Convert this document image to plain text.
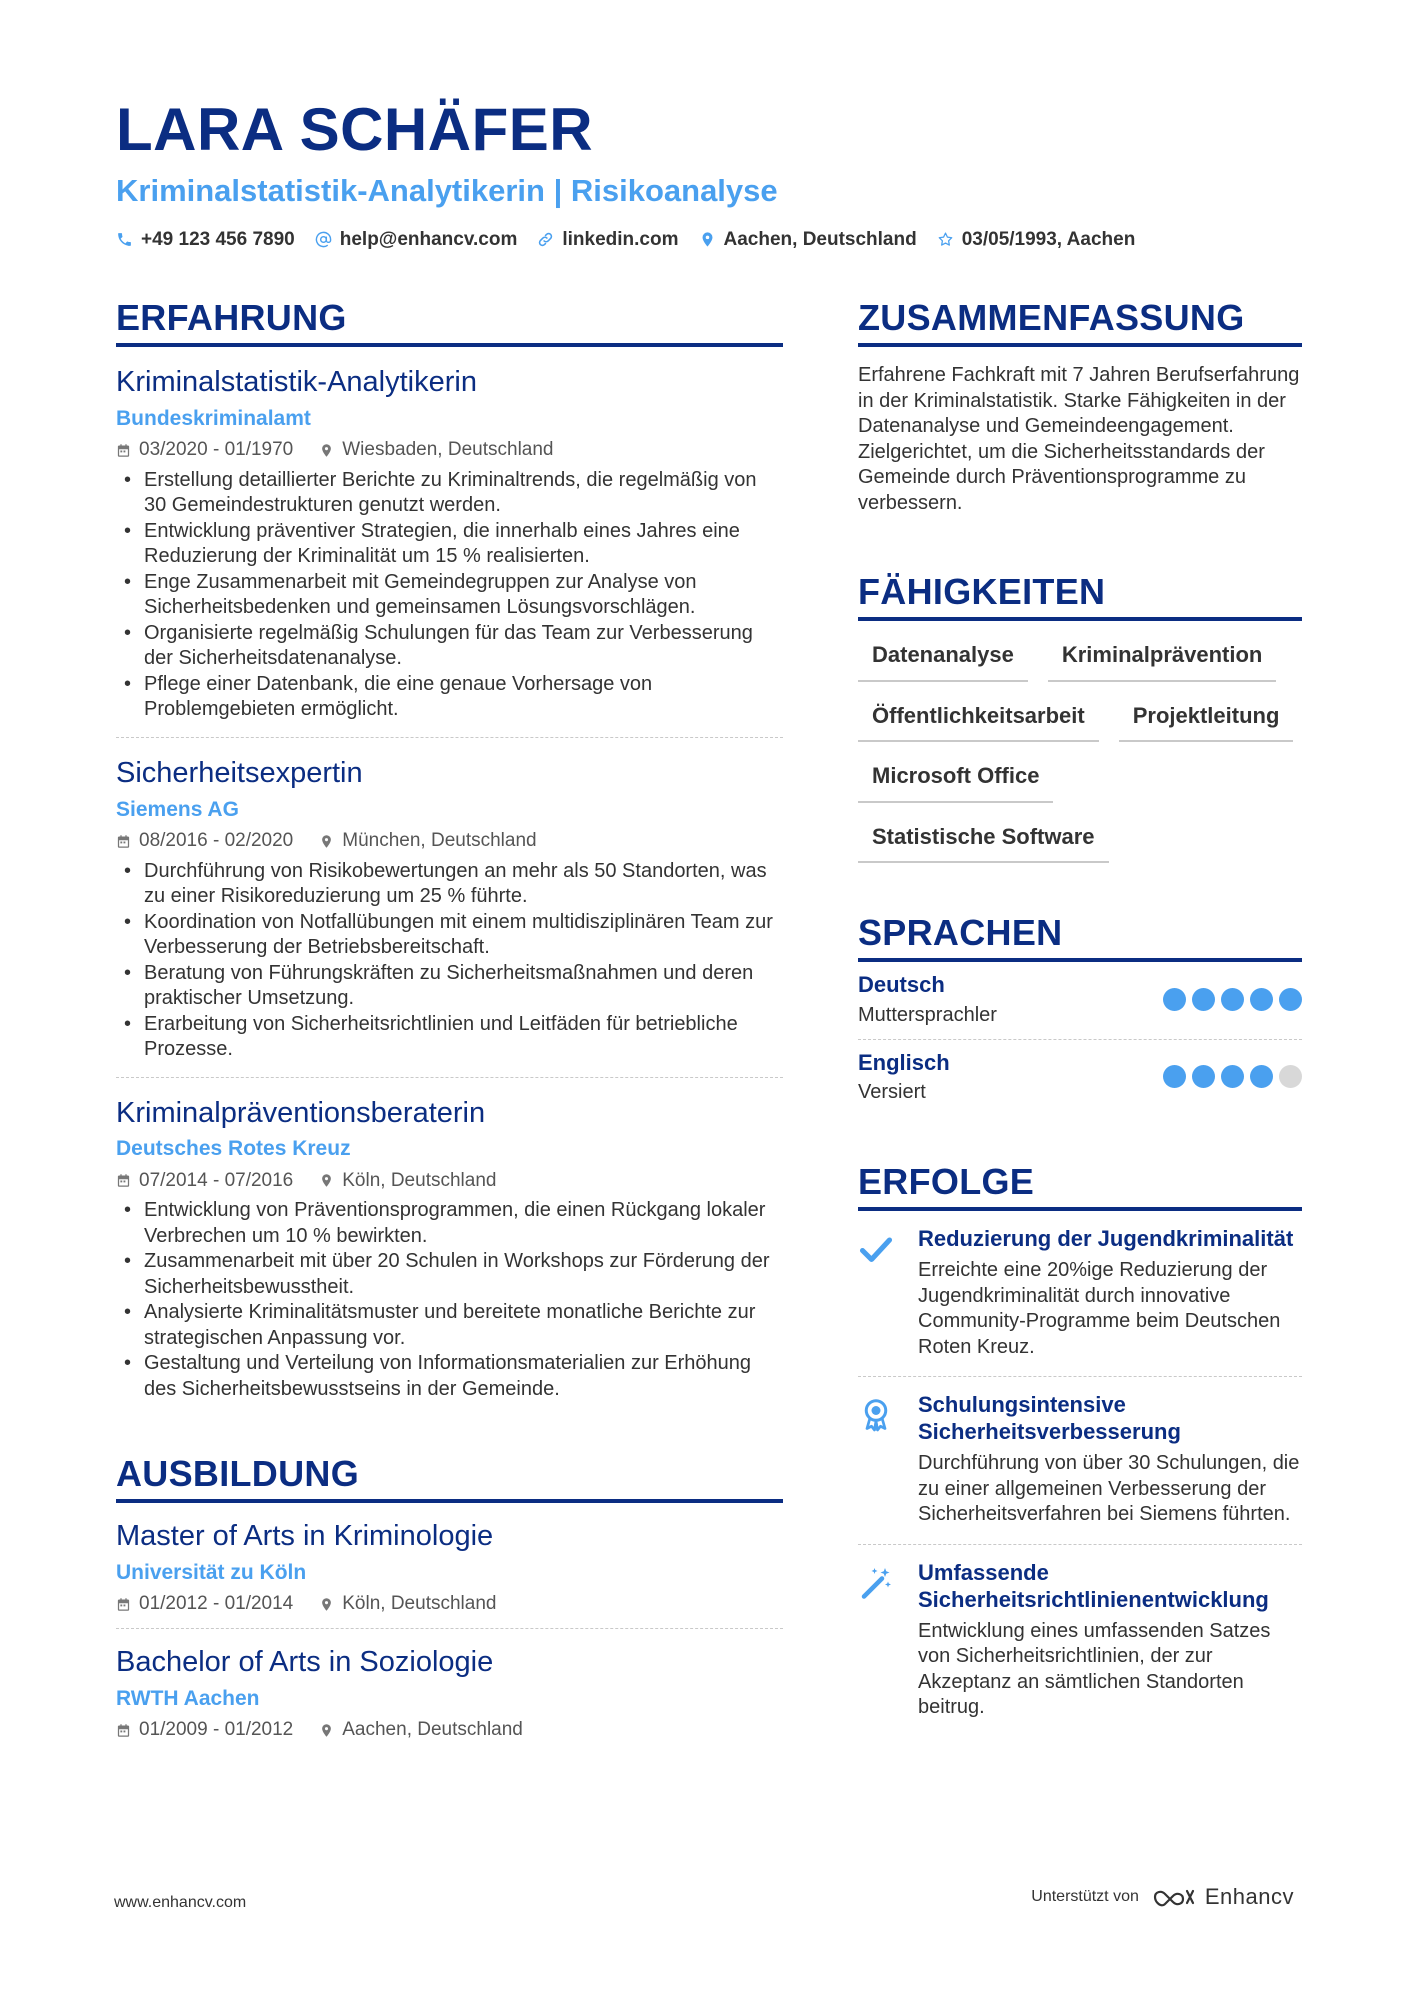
LARA SCHÄFER
Kriminalstatistik-Analytikerin | Risikoanalyse
+49 123 456 7890 help@enhancv.com linkedin.com Aachen, Deutschland 03/05/1993, Aachen
ERFAHRUNG
Kriminalstatistik-Analytikerin
Bundeskriminalamt
03/2020 - 01/1970	Wiesbaden, Deutschland
• Erstellung detaillierter Berichte zu Kriminaltrends, die regelmäßig von 30 Gemeindestrukturen genutzt werden.
• Entwicklung präventiver Strategien, die innerhalb eines Jahres eine Reduzierung der Kriminalität um 15 % realisierten.
• Enge Zusammenarbeit mit Gemeindegruppen zur Analyse von Sicherheitsbedenken und gemeinsamen Lösungsvorschlägen.
• Organisierte regelmäßig Schulungen für das Team zur Verbesserung der Sicherheitsdatenanalyse.
• Pflege einer Datenbank, die eine genaue Vorhersage von Problemgebieten ermöglicht.
Sicherheitsexpertin
Siemens AG
08/2016 - 02/2020	München, Deutschland
• Durchführung von Risikobewertungen an mehr als 50 Standorten, was zu einer Risikoreduzierung um 25 % führte.
• Koordination von Notfallübungen mit einem multidisziplinären Team zur Verbesserung der Betriebsbereitschaft.
• Beratung von Führungskräften zu Sicherheitsmaßnahmen und deren praktischer Umsetzung.
• Erarbeitung von Sicherheitsrichtlinien und Leitfäden für betriebliche Prozesse.
Kriminalpräventionsberaterin
Deutsches Rotes Kreuz
07/2014 - 07/2016	Köln, Deutschland
• Entwicklung von Präventionsprogrammen, die einen Rückgang lokaler Verbrechen um 10 % bewirkten.
• Zusammenarbeit mit über 20 Schulen in Workshops zur Förderung der Sicherheitsbewusstheit.
• Analysierte Kriminalitätsmuster und bereitete monatliche Berichte zur strategischen Anpassung vor.
• Gestaltung und Verteilung von Informationsmaterialien zur Erhöhung des Sicherheitsbewusstseins in der Gemeinde.
AUSBILDUNG
Master of Arts in Kriminologie
Universität zu Köln
01/2012 - 01/2014	Köln, Deutschland
Bachelor of Arts in Soziologie
RWTH Aachen
01/2009 - 01/2012	Aachen, Deutschland
ZUSAMMENFASSUNG
Erfahrene Fachkraft mit 7 Jahren Berufserfahrung in der Kriminalstatistik. Starke Fähigkeiten in der Datenanalyse und Gemeindeengagement. Zielgerichtet, um die Sicherheitsstandards der Gemeinde durch Präventionsprogramme zu verbessern.
FÄHIGKEITEN
Datenanalyse	Kriminalprävention
Öffentlichkeitsarbeit	Projektleitung
Microsoft Office
Statistische Software
SPRACHEN
Deutsch
Muttersprachler
Englisch
Versiert
ERFOLGE
Reduzierung der Jugendkriminalität
Erreichte eine 20%ige Reduzierung der Jugendkriminalität durch innovative Community-Programme beim Deutschen Roten Kreuz.
Schulungsintensive Sicherheitsverbesserung
Durchführung von über 30 Schulungen, die zu einer allgemeinen Verbesserung der Sicherheitsverfahren bei Siemens führten.
Umfassende Sicherheitsrichtlinienentwicklung
Entwicklung eines umfassenden Satzes von Sicherheitsrichtlinien, der zur Akzeptanz an sämtlichen Standorten beitrug.
www.enhancv.com	Unterstützt von	Enhancv
